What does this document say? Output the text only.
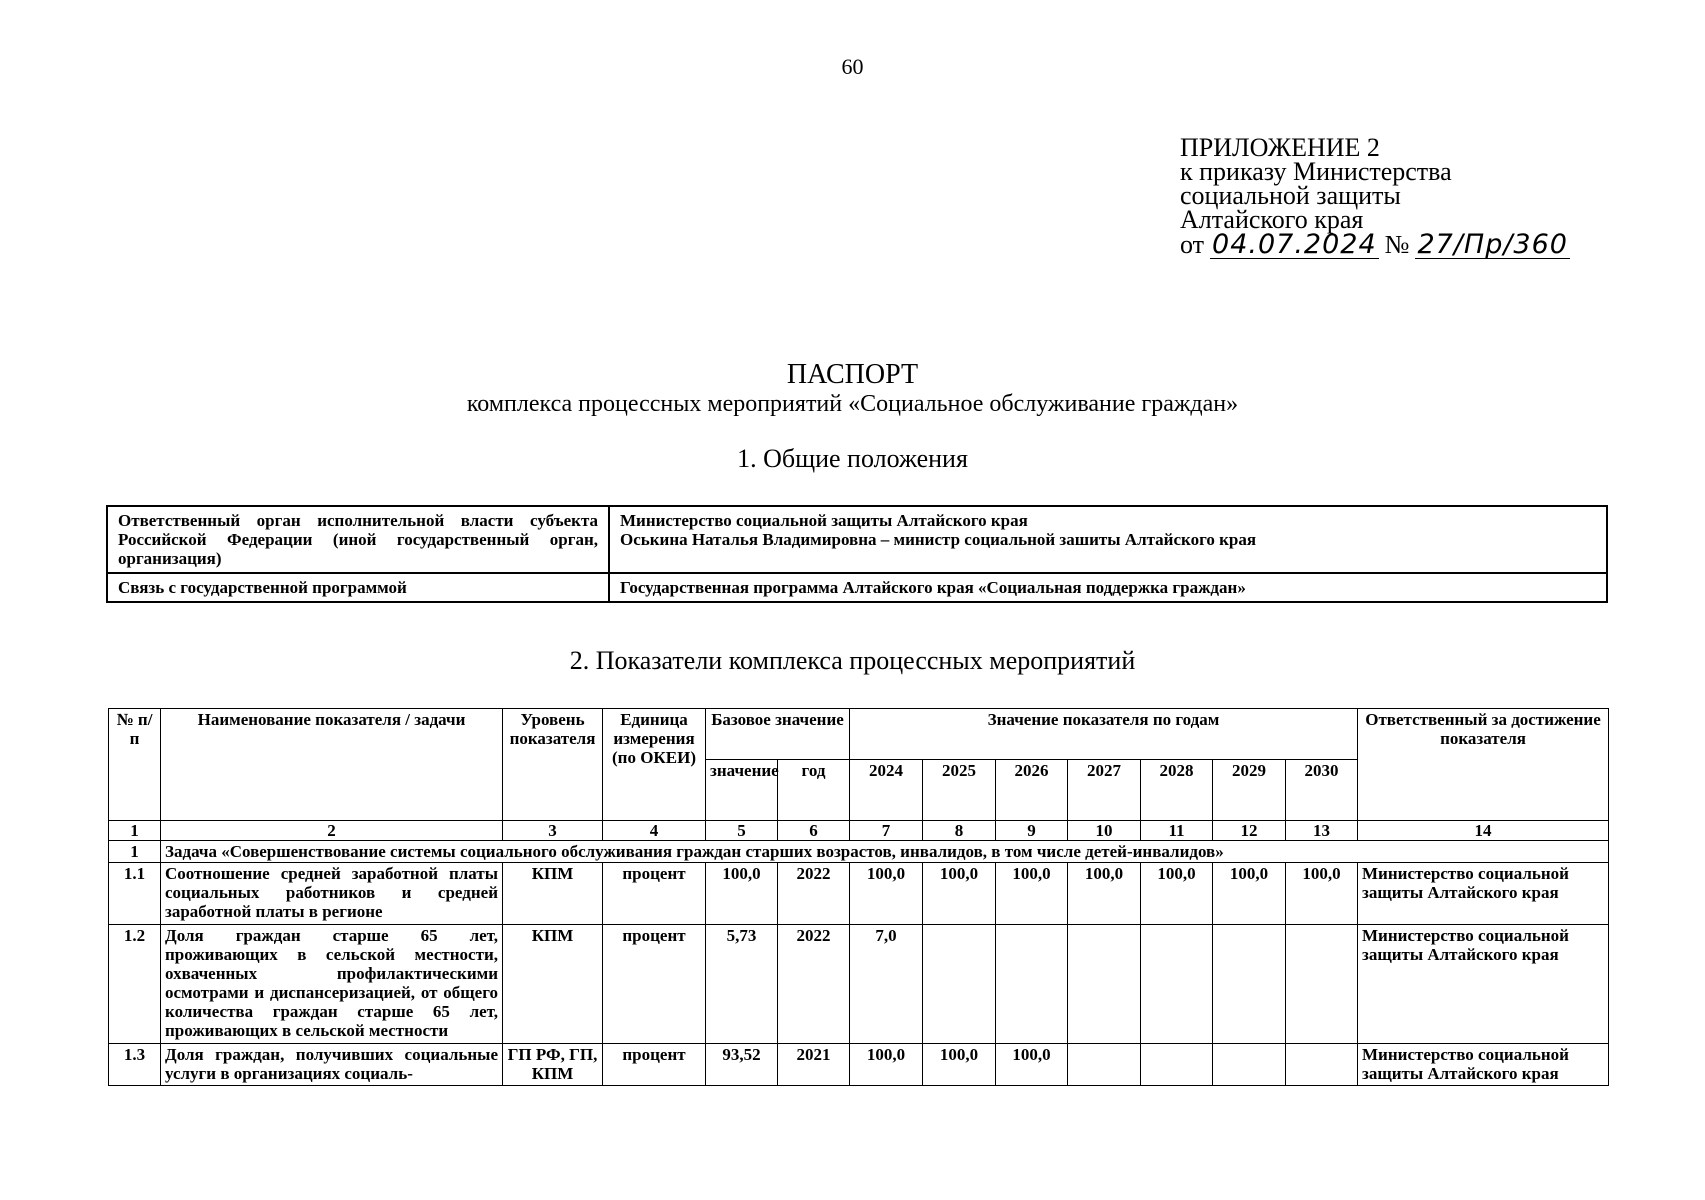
60
ПРИЛОЖЕНИЕ 2
к приказу Министерства
социальной защиты
Алтайского края
от 04.07.2024 № 27/Пр/360
ПАСПОРТ
комплекса процессных мероприятий «Социальное обслуживание граждан»
1. Общие положения
Ответственный орган исполнительной власти субъекта Российской Федерации (иной государственный орган, организация)	Министерство социальной защиты Алтайского края
Оськина Наталья Владимировна – министр социальной зашиты Алтайского края

Связь с государственной программой	Государственная программа Алтайского края «Социальная поддержка граждан»
2. Показатели комплекса процессных мероприятий
№ п/п	Наименование показателя / задачи	Уровень показателя	Единица измерения (по ОКЕИ)	Базовое значение		Значение показателя по годам							Ответственный за достижение показателя
				значение	год	2024	2025	2026	2027	2028	2029	2030	
1	2	3	4	5	6	7	8	9	10	11	12	13	14
1	Задача «Совершенствование системы социального обслуживания граждан старших возрастов, инвалидов, в том числе детей-инвалидов»												
1.1	Соотношение средней заработной платы социальных работников и средней заработной платы в регионе	КПМ	процент	100,0	2022	100,0	100,0	100,0	100,0	100,0	100,0	100,0	Министерство социальной защиты Алтайского края
1.2	Доля граждан старше 65 лет, проживающих в сельской местности, охваченных профилактическими осмотрами и диспансеризацией, от общего количества граждан старше 65 лет, проживающих в сельской местности	КПМ	процент	5,73	2022	7,0							Министерство социальной защиты Алтайского края
1.3	Доля граждан, получивших социальные услуги в организациях социаль-	ГП РФ, ГП, КПМ	процент	93,52	2021	100,0	100,0	100,0					Министерство социальной защиты Алтайского края
